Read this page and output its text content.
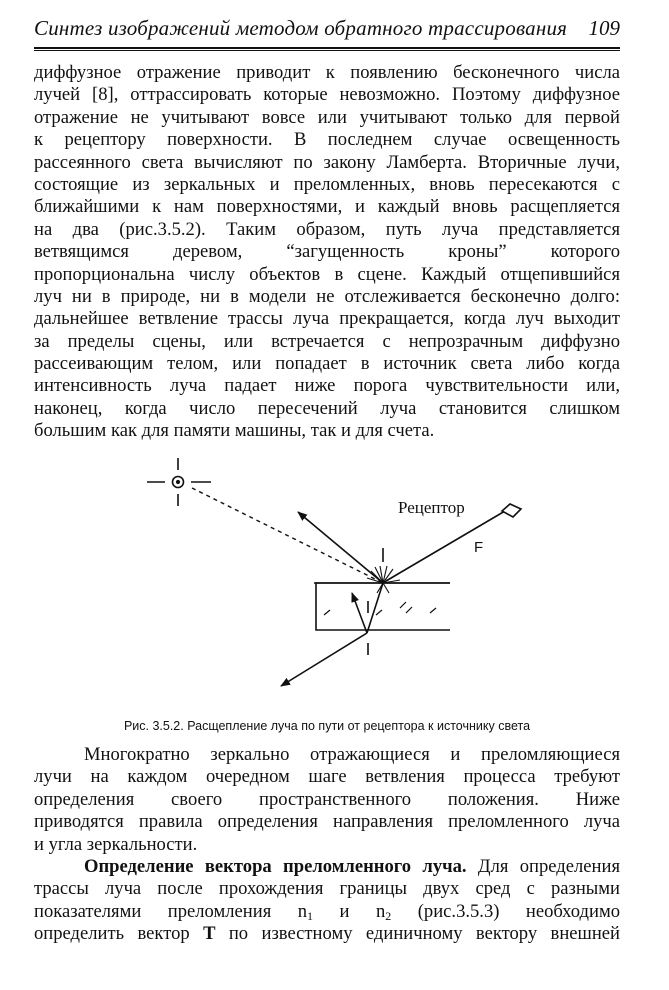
Синтез изображений методом обратного трассирования 109
диффузное отражение приводит к появлению бесконечного числа
лучей [8], оттрассировать которые невозможно. Поэтому диффузное
отражение не учитывают вовсе или учитывают только для первой
к рецептору поверхности. В последнем случае освещенность
рассеянного света вычисляют по закону Ламберта. Вторичные лучи,
состоящие из зеркальных и преломленных, вновь пересекаются с
ближайшими к нам поверхностями, и каждый вновь расщепляется
на два (рис.3.5.2). Таким образом, путь луча представляется
ветвящимся деревом, “загущенность кроны” которого
пропорциональна числу объектов в сцене. Каждый отщепившийся
луч ни в природе, ни в модели не отслеживается бесконечно долго:
дальнейшее ветвление трассы луча прекращается, когда луч выходит
за пределы сцены, или встречается с непрозрачным диффузно
рассеивающим телом, или попадает в источник света либо когда
интенсивность луча падает ниже порога чувствительности или,
наконец, когда число пересечений луча становится слишком
большим как для памяти машины, так и для счета.
Рецептор
F
Рис. 3.5.2. Расщепление луча по пути от рецептора к источнику света
Многократно зеркально отражающиеся и преломляющиеся
лучи на каждом очередном шаге ветвления процесса требуют
определения своего пространственного положения. Ниже
приводятся правила определения направления преломленного луча
и угла зеркальности.
Определение вектора преломленного луча. Для определения
трассы луча после прохождения границы двух сред с разными
показателями преломления $n_1$ и $n_2$ (рис.3.5.3) необходимо
определить вектор T по известному единичному вектору внешней
